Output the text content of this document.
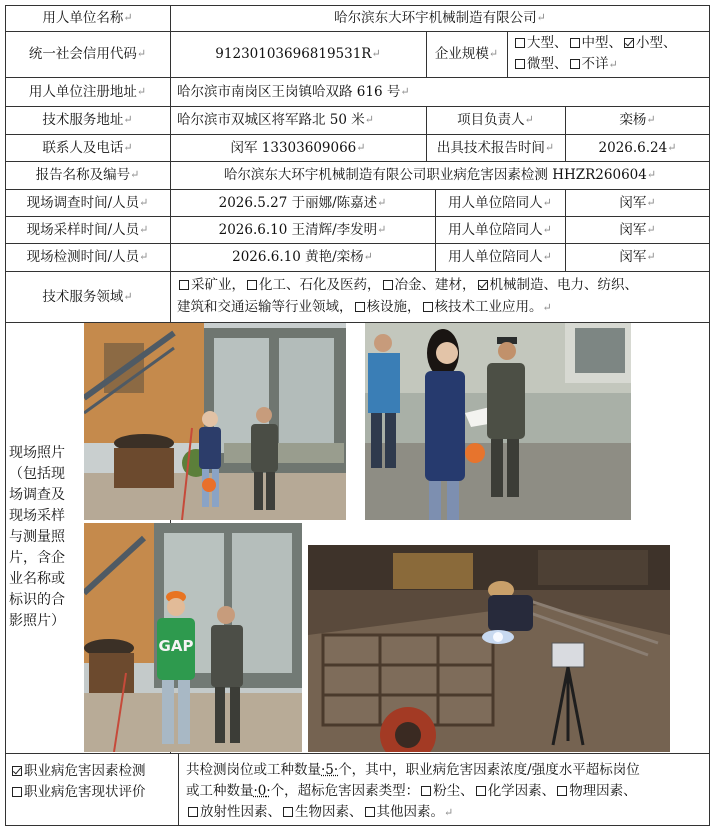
用人单位名称 ↵	哈尔滨东大环宇机械制造有限公司 ↵
统一社会信用代码 ↵	91230103696819531R ↵	企业规模 ↵
大型、 中型、 小型、
微型、 不详↵
用人单位注册地址 ↵ 哈尔滨市南岗区王岗镇哈双路 616 号 ↵
技术服务地址 ↵	哈尔滨市双城区将军路北 50 米 ↵	项目负责人 ↵	栾杨 ↵
联系人及电话 ↵	闵军 13303609066 ↵	出具技术报告时间 ↵	2026.6.24 ↵
报告名称及编号 ↵	哈尔滨东大环宇机械制造有限公司职业病危害因素检测 HHZR260604 ↵
现场调查时间/人员 ↵	2026.5.27 于丽娜/陈嘉述 ↵	用人单位陪同人 ↵	闵军 ↵
现场采样时间/人员 ↵	2026.6.10 王清辉/李发明 ↵	用人单位陪同人 ↵	闵军 ↵
现场检测时间/人员 ↵	2026.6.10 黄艳/栾杨 ↵	用人单位陪同人 ↵	闵军 ↵
技术服务领域 ↵
采矿业， 化工、石化及医药， 冶金、建材， 机械制造、电力、纺织、
建筑和交通运输等行业领域， 核设施， 核技术工业应用。↵
现场照片
（包括现
场调查及
现场采样
与测量照
片，含企
业名称或
标识的合
影照片）
GAP
职业病危害因素检测
职业病危害现状评价
共检测岗位或工种数量·5·个，其中，职业病危害因素浓度/强度水平超标岗位
或工种数量·0·个，超标危害因素类型： 粉尘、 化学因素、 物理因素、
放射性因素、 生物因素、 其他因素。↵
